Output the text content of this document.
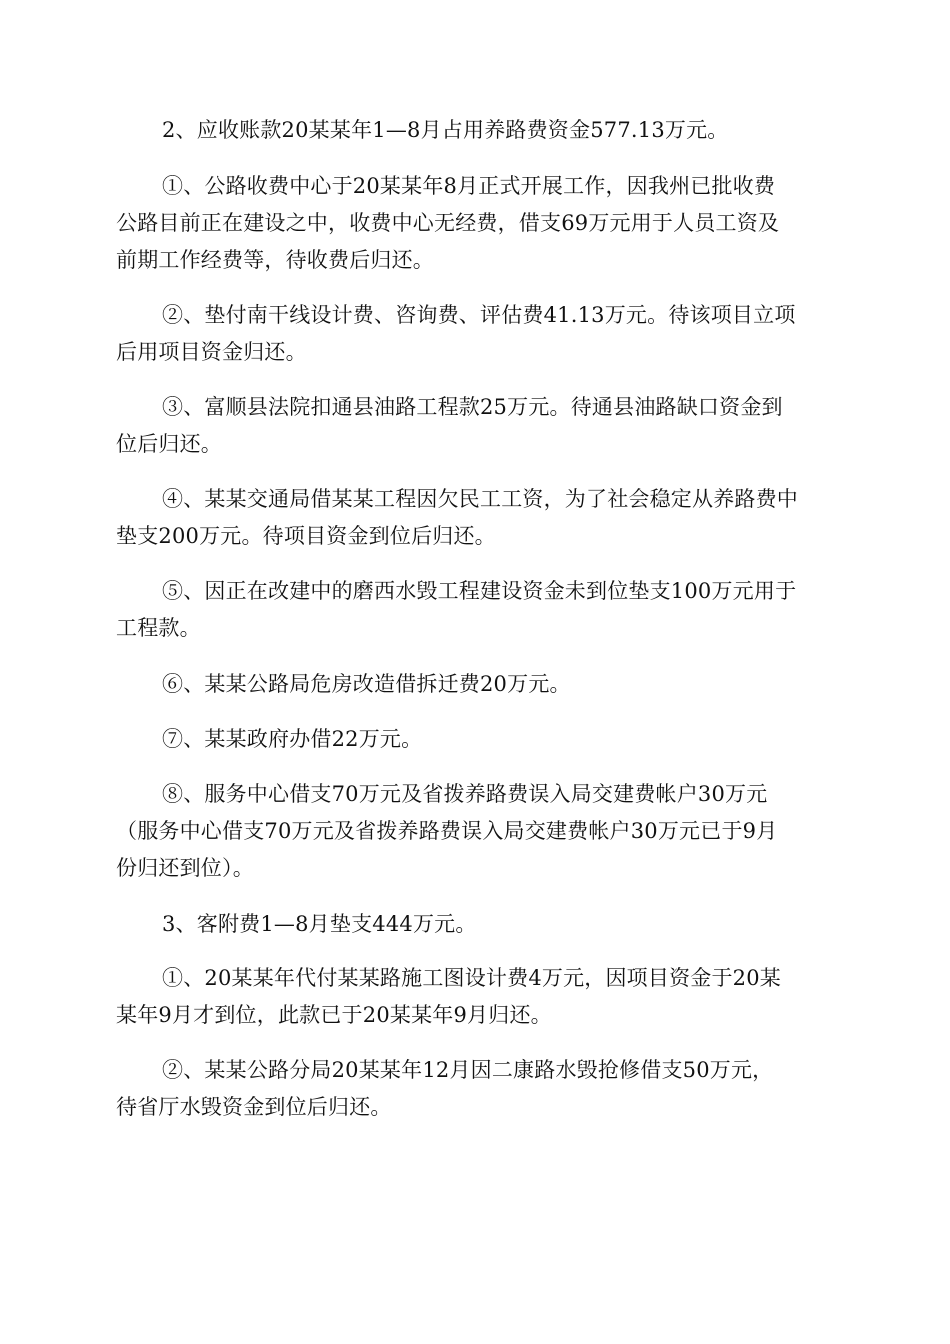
2、应收账款20某某年1—8月占用养路费资金577.13万元。
①、公路收费中心于20某某年8月正式开展工作，因我州已批收费
公路目前正在建设之中，收费中心无经费，借支69万元用于人员工资及
前期工作经费等，待收费后归还。
②、垫付南干线设计费、咨询费、评估费41.13万元。待该项目立项
后用项目资金归还。
③、富顺县法院扣通县油路工程款25万元。待通县油路缺口资金到
位后归还。
④、某某交通局借某某工程因欠民工工资，为了社会稳定从养路费中
垫支200万元。待项目资金到位后归还。
⑤、因正在改建中的磨西水毁工程建设资金未到位垫支100万元用于
工程款。
⑥、某某公路局危房改造借拆迁费20万元。
⑦、某某政府办借22万元。
⑧、服务中心借支70万元及省拨养路费误入局交建费帐户30万元
（服务中心借支70万元及省拨养路费误入局交建费帐户30万元已于9月
份归还到位）。
3、客附费1—8月垫支444万元。
①、20某某年代付某某路施工图设计费4万元，因项目资金于20某
某年9月才到位，此款已于20某某年9月归还。
②、某某公路分局20某某年12月因二康路水毁抢修借支50万元，
待省厅水毁资金到位后归还。
